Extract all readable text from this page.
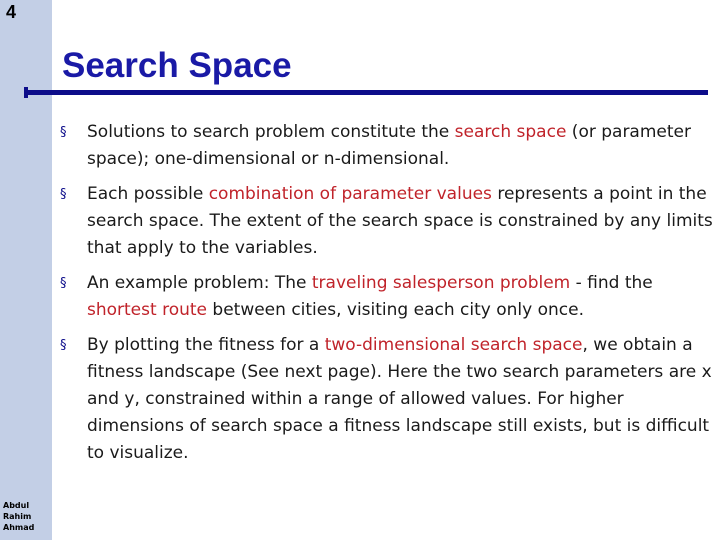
4
Abdul
Rahim
Ahmad
Search Space
§ Solutions to search problem constitute the search space (or parameter space); one-dimensional or n-dimensional.
§ Each possible combination of parameter values represents a point in the search space. The extent of the search space is constrained by any limits that apply to the variables.
§ An example problem: The traveling salesperson problem - find the shortest route between cities, visiting each city only once.
§ By plotting the fitness for a two-dimensional search space, we obtain a fitness landscape (See next page). Here the two search parameters are x and y, constrained within a range of allowed values. For higher dimensions of search space a fitness landscape still exists, but is difficult to visualize.
